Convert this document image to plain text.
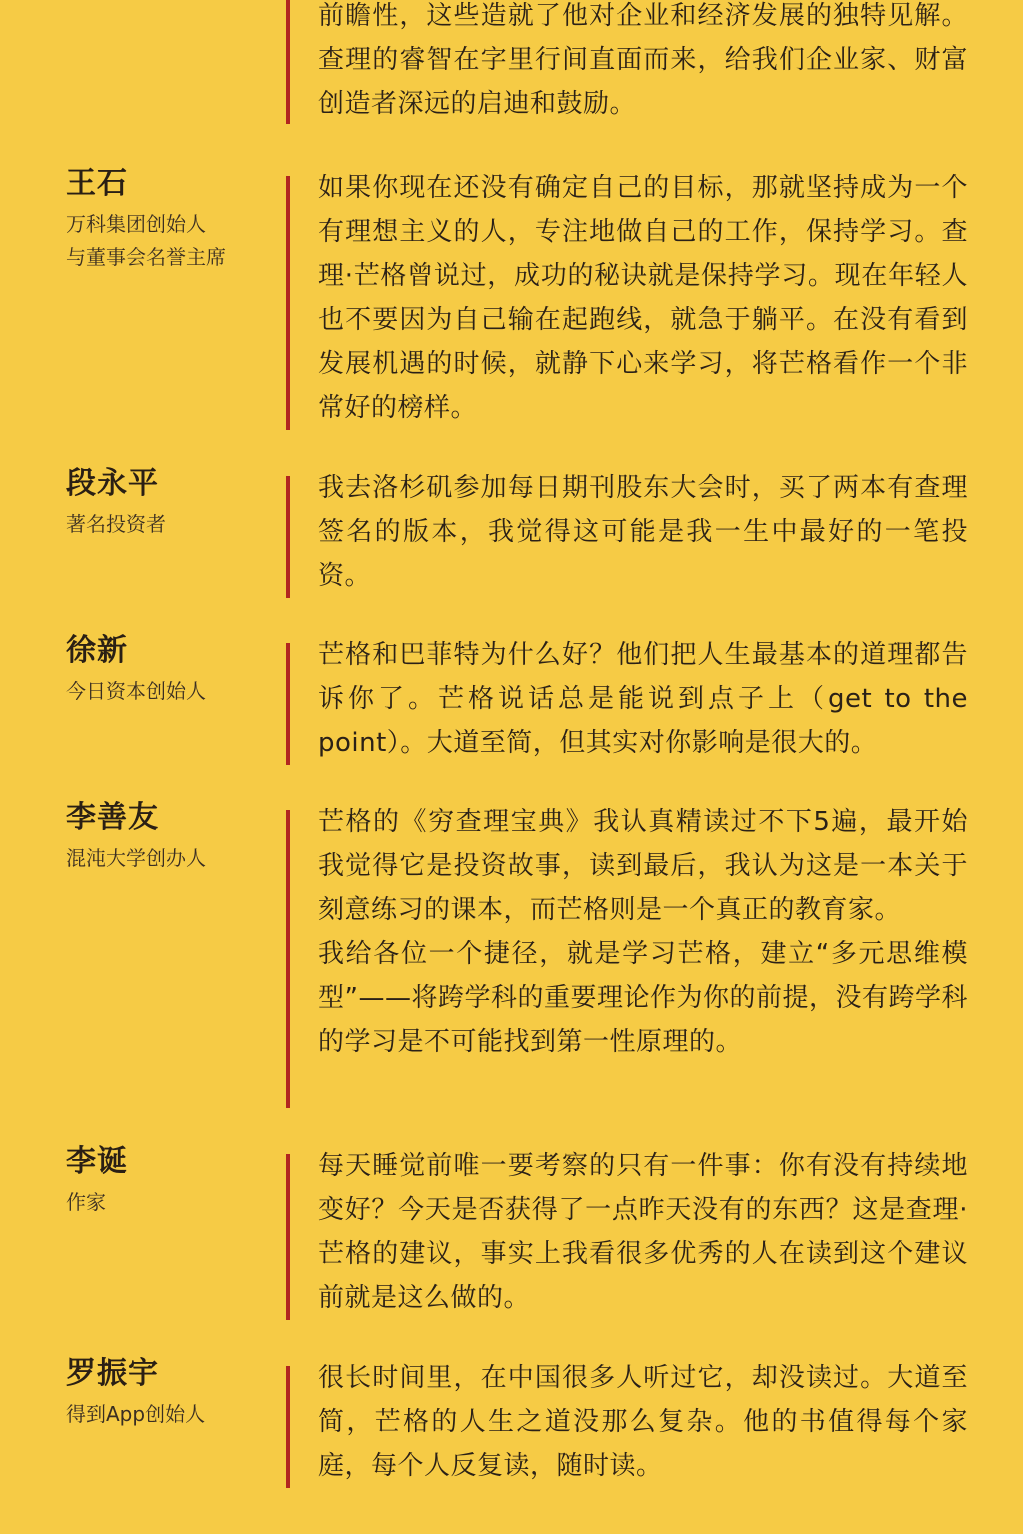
前瞻性，这些造就了他对企业和经济发展的独特见解。查理的睿智在字里行间直面而来，给我们企业家、财富创造者深远的启迪和鼓励。

王石
万科集团创始人
与董事会名誉主席

如果你现在还没有确定自己的目标，那就坚持成为一个有理想主义的人，专注地做自己的工作，保持学习。查理·芒格曾说过，成功的秘诀就是保持学习。现在年轻人也不要因为自己输在起跑线，就急于躺平。在没有看到发展机遇的时候，就静下心来学习，将芒格看作一个非常好的榜样。

段永平
著名投资者

我去洛杉矶参加每日期刊股东大会时，买了两本有查理签名的版本，我觉得这可能是我一生中最好的一笔投资。

徐新
今日资本创始人

芒格和巴菲特为什么好？他们把人生最基本的道理都告诉你了。芒格说话总是能说到点子上（get to the point）。大道至简，但其实对你影响是很大的。

李善友
混沌大学创办人

芒格的《穷查理宝典》我认真精读过不下5遍，最开始我觉得它是投资故事，读到最后，我认为这是一本关于刻意练习的课本，而芒格则是一个真正的教育家。

我给各位一个捷径，就是学习芒格，建立“多元思维模型”——将跨学科的重要理论作为你的前提，没有跨学科的学习是不可能找到第一性原理的。

李诞
作家

每天睡觉前唯一要考察的只有一件事：你有没有持续地变好？今天是否获得了一点昨天没有的东西？这是查理·芒格的建议，事实上我看很多优秀的人在读到这个建议前就是这么做的。

罗振宇
得到App创始人

很长时间里，在中国很多人听过它，却没读过。大道至简，芒格的人生之道没那么复杂。他的书值得每个家庭，每个人反复读，随时读。
